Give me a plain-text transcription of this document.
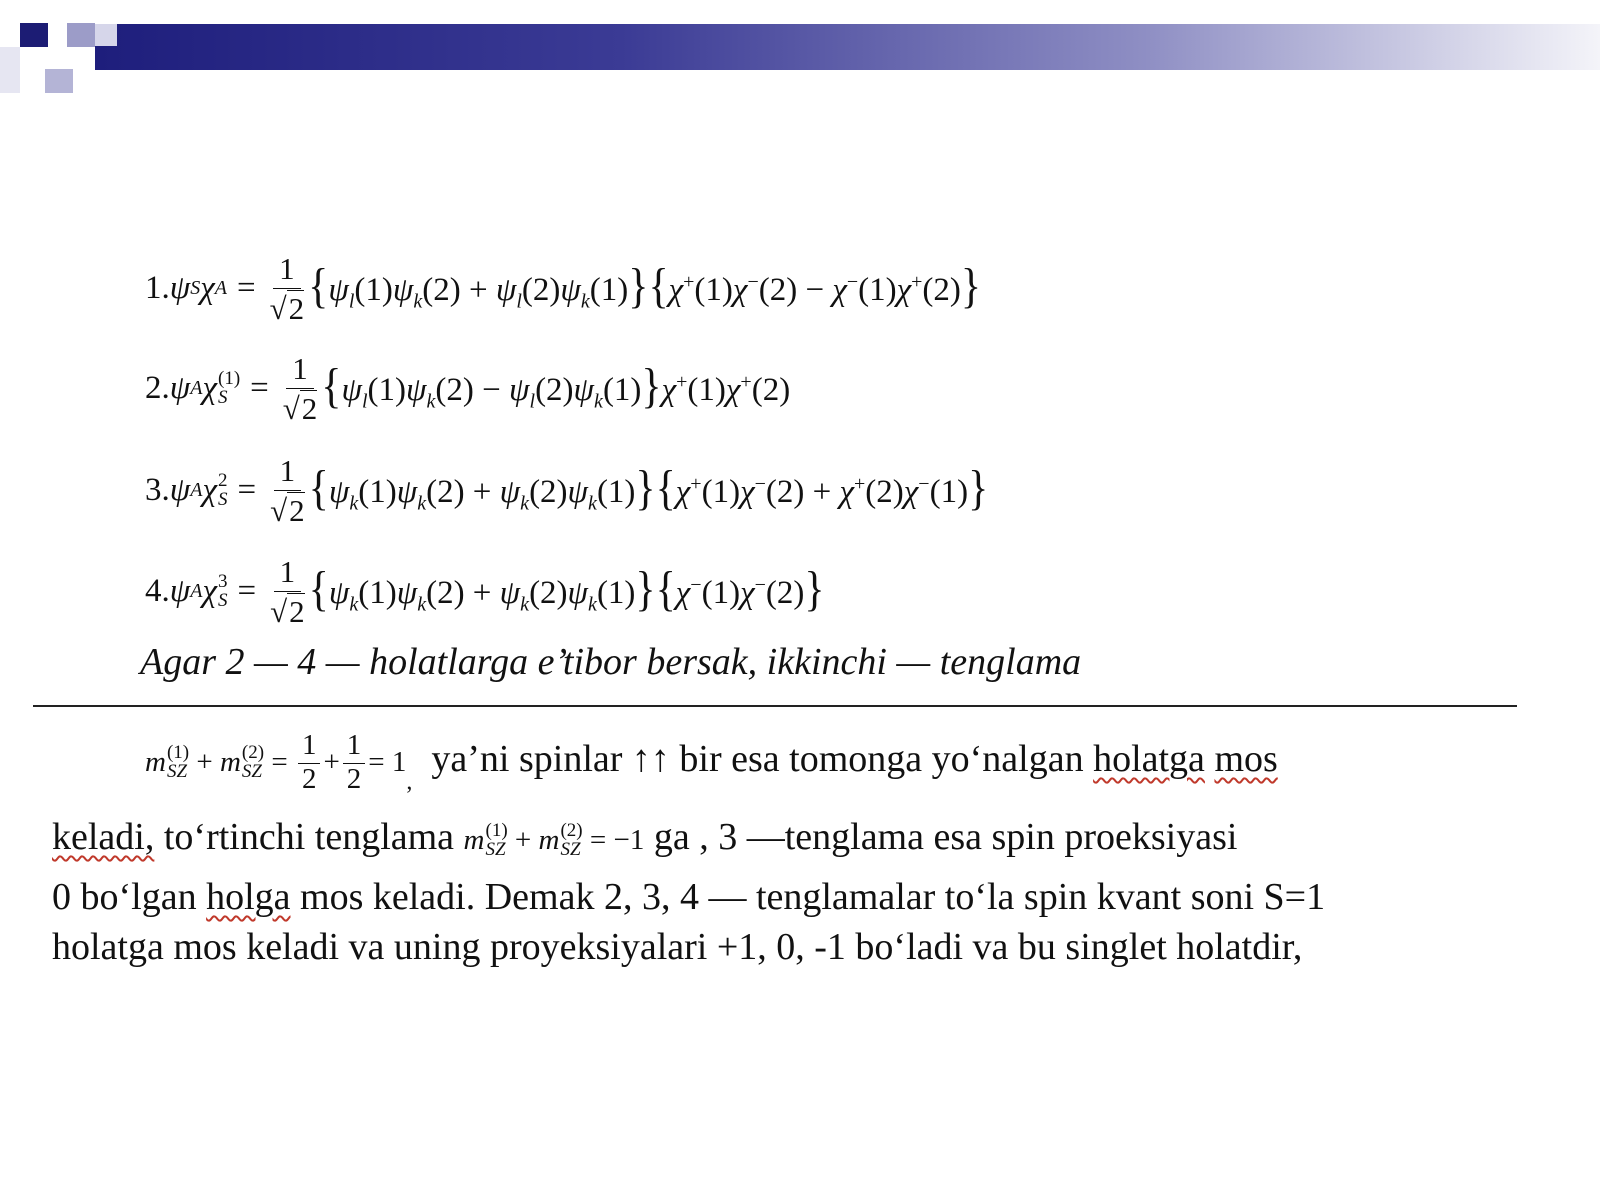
1. ψ S χ $A = \frac{1}{√2} \{\psi_l(1)\psi_k(2) + \psi_l(2)\psi_k(1)\}\{\chi^+(1)\chi^-(2) - \chi^-(1)\chi^+(2)\}$
2. ψ A χ (1)
$S = \frac{1}{√2} \{\psi_l(1)\psi_k(2) - \psi_l(2)\psi_k(1)\}\chi^+(1)\chi^+(2)$
3. ψ A χ 2
$S = \frac{1}{√2} \{\psi_k(1)\psi_k(2) + \psi_k(2)\psi_k(1)\}\{\chi^+(1)\chi^-(2) + \chi^+(2)\chi^-(1)\}$
4. ψ A χ 3
$S = \frac{1}{√2} \{\psi_k(1)\psi_k(2) + \psi_k(2)\psi_k(1)\}\{\chi^-(1)\chi^-(2)\}$
Agar 2 — 4 — holatlarga e’tibor bersak, ikkinchi — tenglama
m (1)
SZ + m (2)
SZ = $\frac{1}{2} + \frac{1}{2} = 1$
$_,$  ya’ni spinlar ↑↑ bir esa tomonga yo‘nalgan holatga mos
keladi, to‘rtinchi tenglama m (1)
SZ + m (2)
SZ
= −1 ga , 3 —tenglama esa spin proeksiyasi
0 bo‘lgan holga mos keladi. Demak 2, 3, 4 — tenglamalar to‘la spin kvant soni S=1
holatga mos keladi va uning proyeksiyalari +1, 0, -1 bo‘ladi va bu singlet holatdir,
